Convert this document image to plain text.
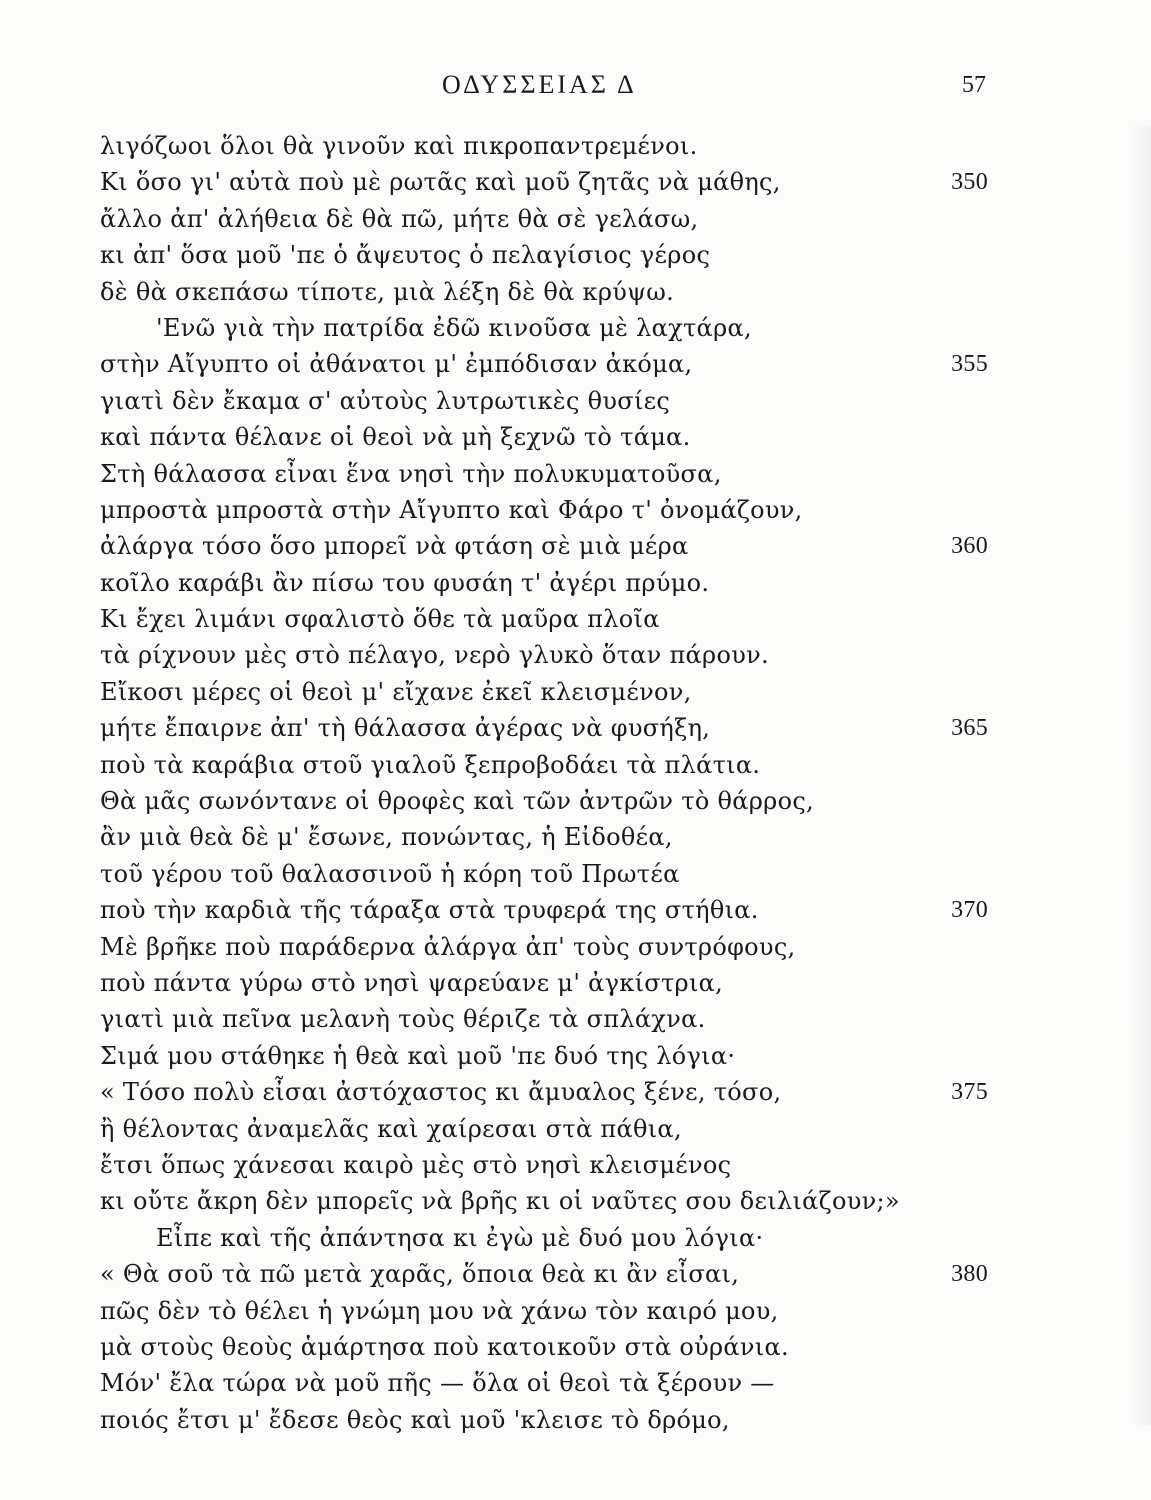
ΟΔΥΣΣΕΙΑΣ Δ	57
λιγόζωοι ὅλοι θὰ γινοῦν καὶ πικροπαντρεμένοι.
Κι ὅσο γι' αὐτὰ ποὺ μὲ ρωτᾶς καὶ μοῦ ζητᾶς νὰ μάθης,	350
ἄλλο ἀπ' ἀλήθεια δὲ θὰ πῶ, μήτε θὰ σὲ γελάσω,
κι ἀπ' ὅσα μοῦ 'πε ὁ ἄψευτος ὁ πελαγίσιος γέρος
δὲ θὰ σκεπάσω τίποτε, μιὰ λέξη δὲ θὰ κρύψω.
'Ενῶ γιὰ τὴν πατρίδα ἐδῶ κινοῦσα μὲ λαχτάρα,
στὴν Αἴγυπτο οἱ ἀθάνατοι μ' ἐμπόδισαν ἀκόμα,	355
γιατὶ δὲν ἔκαμα σ' αὐτοὺς λυτρωτικὲς θυσίες
καὶ πάντα θέλανε οἱ θεοὶ νὰ μὴ ξεχνῶ τὸ τάμα.
Στὴ θάλασσα εἶναι ἕνα νησὶ τὴν πολυκυματοῦσα,
μπροστὰ μπροστὰ στὴν Αἴγυπτο καὶ Φάρο τ' ὀνομάζουν,
ἀλάργα τόσο ὅσο μπορεῖ νὰ φτάση σὲ μιὰ μέρα	360
κοῖλο καράβι ἂν πίσω του φυσάη τ' ἀγέρι πρύμο.
Κι ἔχει λιμάνι σφαλιστὸ ὅθε τὰ μαῦρα πλοῖα
τὰ ρίχνουν μὲς στὸ πέλαγο, νερὸ γλυκὸ ὅταν πάρουν.
Εἴκοσι μέρες οἱ θεοὶ μ' εἴχανε ἐκεῖ κλεισμένον,
μήτε ἔπαιρνε ἀπ' τὴ θάλασσα ἀγέρας νὰ φυσήξη,	365
ποὺ τὰ καράβια στοῦ γιαλοῦ ξεπροβοδάει τὰ πλάτια.
Θὰ μᾶς σωνόντανε οἱ θροφὲς καὶ τῶν ἀντρῶν τὸ θάρρος,
ἂν μιὰ θεὰ δὲ μ' ἔσωνε, πονώντας, ἡ Εἰδοθέα,
τοῦ γέρου τοῦ θαλασσινοῦ ἡ κόρη τοῦ Πρωτέα
ποὺ τὴν καρδιὰ τῆς τάραξα στὰ τρυφερά της στήθια.	370
Μὲ βρῆκε ποὺ παράδερνα ἀλάργα ἀπ' τοὺς συντρόφους,
ποὺ πάντα γύρω στὸ νησὶ ψαρεύανε μ' ἀγκίστρια,
γιατὶ μιὰ πεῖνα μελανὴ τοὺς θέριζε τὰ σπλάχνα.
Σιμά μου στάθηκε ἡ θεὰ καὶ μοῦ 'πε δυό της λόγια·
« Τόσο πολὺ εἶσαι ἀστόχαστος κι ἄμυαλος ξένε, τόσο,	375
ἢ θέλοντας ἀναμελᾶς καὶ χαίρεσαι στὰ πάθια,
ἔτσι ὅπως χάνεσαι καιρὸ μὲς στὸ νησὶ κλεισμένος
κι οὔτε ἄκρη δὲν μπορεῖς νὰ βρῆς κι οἱ ναῦτες σου δειλιάζουν;»
Εἶπε καὶ τῆς ἀπάντησα κι ἐγὼ μὲ δυό μου λόγια·
« Θὰ σοῦ τὰ πῶ μετὰ χαρᾶς, ὅποια θεὰ κι ἂν εἶσαι,	380
πῶς δὲν τὸ θέλει ἡ γνώμη μου νὰ χάνω τὸν καιρό μου,
μὰ στοὺς θεοὺς ἁμάρτησα ποὺ κατοικοῦν στὰ οὐράνια.
Μόν' ἔλα τώρα νὰ μοῦ πῆς — ὅλα οἱ θεοὶ τὰ ξέρουν —
ποιός ἔτσι μ' ἔδεσε θεὸς καὶ μοῦ 'κλεισε τὸ δρόμο,
